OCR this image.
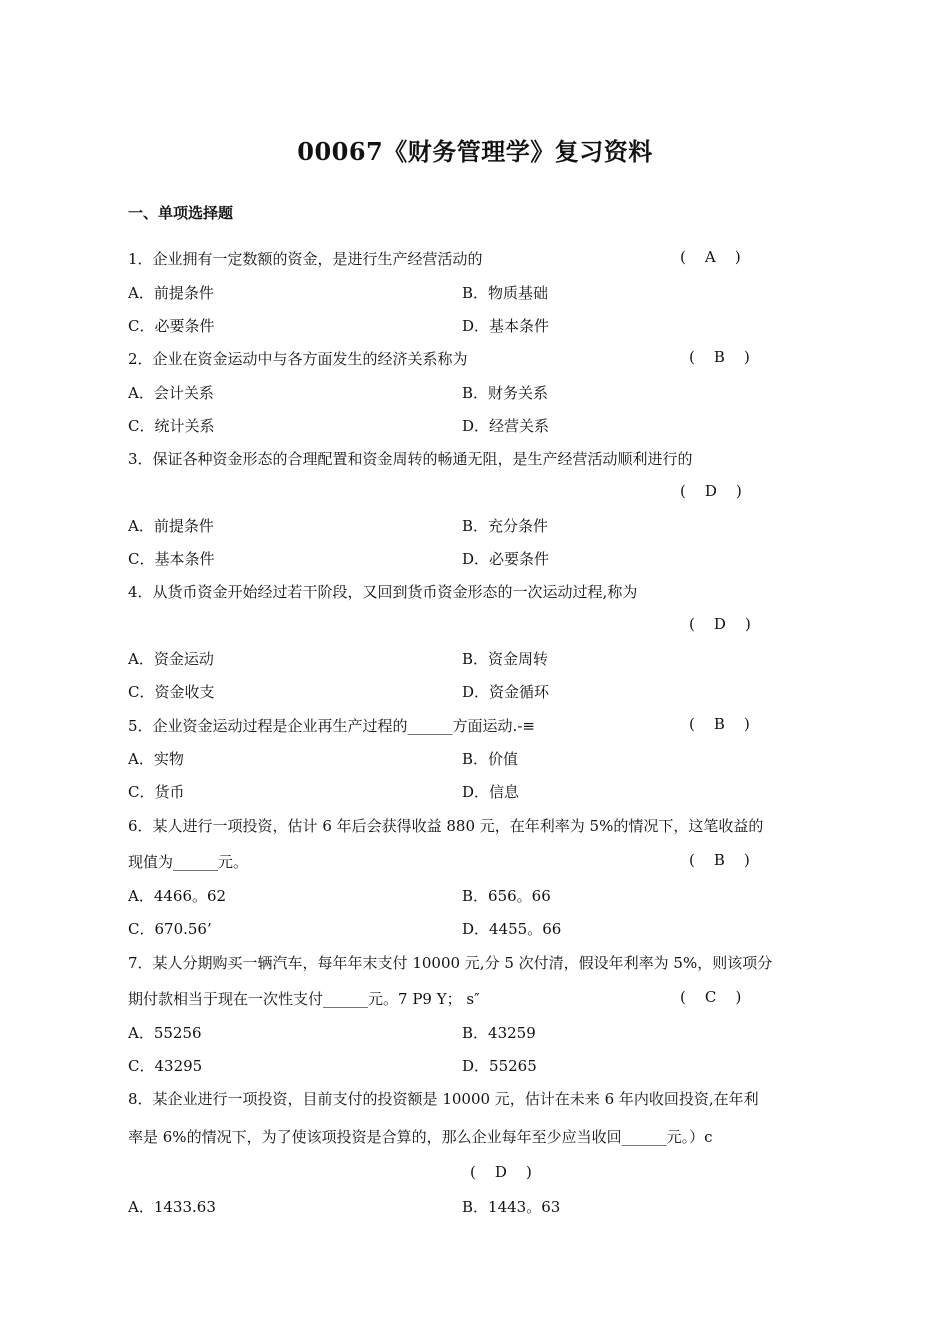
00067《财务管理学》复习资料
一、单项选择题
1．企业拥有一定数额的资金，是进行生产经营活动的	(    A    )
A．前提条件	B．物质基础
C．必要条件	D．基本条件
2．企业在资金运动中与各方面发生的经济关系称为	(    B    )
A．会计关系	B．财务关系
C．统计关系	D．经营关系
3．保证各种资金形态的合理配置和资金周转的畅通无阻，是生产经营活动顺利进行的
(    D    )
A．前提条件	B．充分条件
C．基本条件	D．必要条件
4．从货币资金开始经过若干阶段，又回到货币资金形态的一次运动过程,称为
(    D    )
A．资金运动	B．资金周转
C．资金收支	D．资金循环
5．企业资金运动过程是企业再生产过程的______方面运动.-≡	(    B    )
A．实物	B．价值
C．货币	D．信息
6．某人进行一项投资，估计 6 年后会获得收益 880 元，在年利率为 5%的情况下，这笔收益的
现值为______元。	(    B    )
A．4466。62	B．656。66
C．670.56’	D．4455。66
7．某人分期购买一辆汽车，每年年末支付 10000 元,分 5 次付清，假设年利率为 5%，则该项分
期付款相当于现在一次性支付______元。7 P9 Y； s″	(    C    )
A．55256	B．43259
C．43295	D．55265
8．某企业进行一项投资，目前支付的投资额是 10000 元，估计在未来 6 年内收回投资,在年利
率是 6%的情况下，为了使该项投资是合算的，那么企业每年至少应当收回______元。）c
(    D    )
A．1433.63	B．1443。63
